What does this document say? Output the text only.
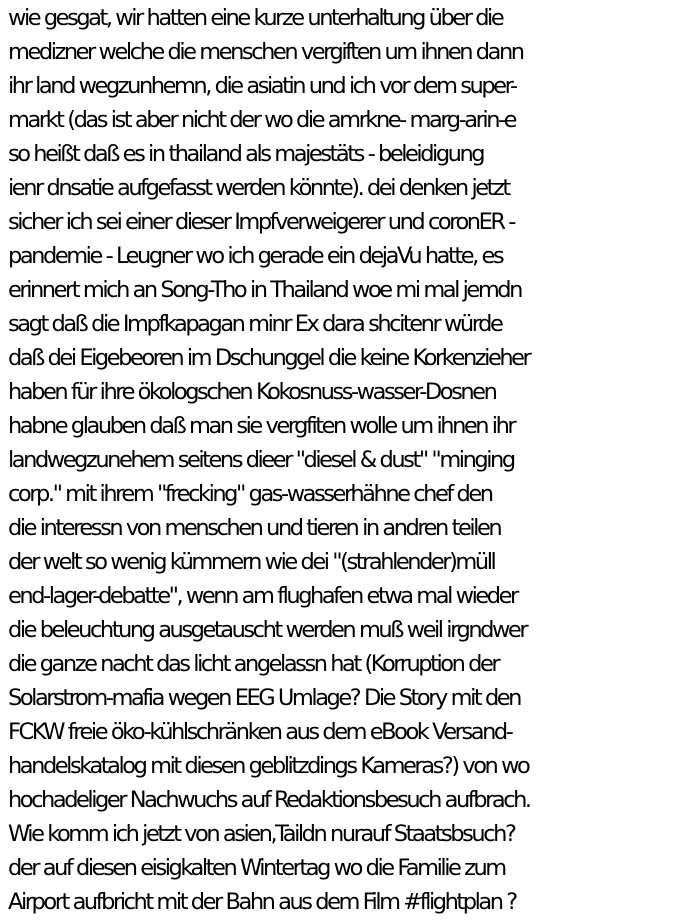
wie gesgat, wir hatten eine kurze unterhaltung über die
medizner welche die menschen vergiften um ihnen dann
ihr land wegzunhemn, die asiatin und ich vor dem super-
markt (das ist aber nicht der wo die amrkne- marg-arin-e
so heißt daß es in thailand als majestäts - beleidigung
ienr dnsatie aufgefasst werden könnte). dei denken jetzt
sicher ich sei einer dieser Impfverweigerer und coronER -
pandemie - Leugner wo ich gerade ein dejaVu hatte, es
erinnert mich an Song-Tho in Thailand woe mi mal jemdn
sagt daß die Impfkapagan minr Ex dara shcitenr würde
daß dei Eigebeoren im Dschunggel die keine Korkenzieher
haben für ihre ökologschen Kokosnuss-wasser-Dosnen
habne glauben daß man sie vergfiten wolle um ihnen ihr
landwegzunehem seitens dieer "diesel & dust" "minging
corp." mit ihrem "frecking" gas-wasserhähne chef den
die interessn von menschen und tieren in andren teilen
der welt so wenig kümmern wie dei "(strahlender)müll
end-lager-debatte", wenn am flughafen etwa mal wieder
die beleuchtung ausgetauscht werden muß weil irgndwer
die ganze nacht das licht angelassn hat (Korruption der
Solarstrom-mafia wegen EEG Umlage? Die Story mit den
FCKW freie öko-kühlschränken aus dem eBook Versand-
handelskatalog mit diesen geblitzdings Kameras?) von wo
hochadeliger Nachwuchs auf Redaktionsbesuch aufbrach.
Wie komm ich jetzt von asien,Taildn nurauf Staatsbsuch?
der auf diesen eisigkalten Wintertag wo die Familie zum
Airport aufbricht mit der Bahn aus dem Film #flightplan ?
